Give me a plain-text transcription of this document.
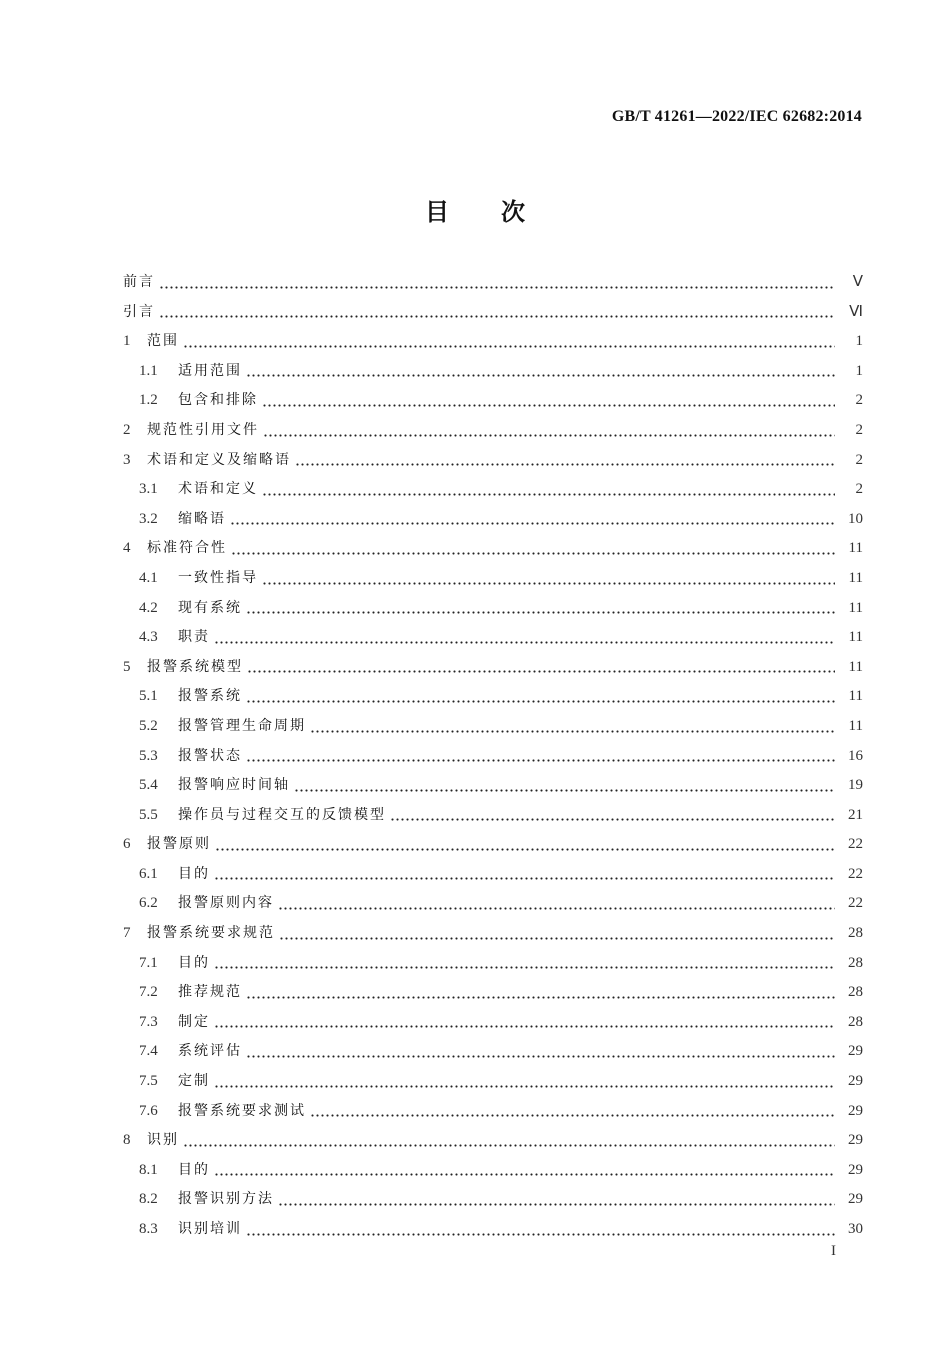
GB/T 41261—2022/IEC 62682:2014
目次
前言	Ⅴ
引言	Ⅵ
1	范围	1
1.1	适用范围	1
1.2	包含和排除	2
2	规范性引用文件	2
3	术语和定义及缩略语	2
3.1	术语和定义	2
3.2	缩略语	10
4	标准符合性	11
4.1	一致性指导	11
4.2	现有系统	11
4.3	职责	11
5	报警系统模型	11
5.1	报警系统	11
5.2	报警管理生命周期	11
5.3	报警状态	16
5.4	报警响应时间轴	19
5.5	操作员与过程交互的反馈模型	21
6	报警原则	22
6.1	目的	22
6.2	报警原则内容	22
7	报警系统要求规范	28
7.1	目的	28
7.2	推荐规范	28
7.3	制定	28
7.4	系统评估	29
7.5	定制	29
7.6	报警系统要求测试	29
8	识别	29
8.1	目的	29
8.2	报警识别方法	29
8.3	识别培训	30
I
